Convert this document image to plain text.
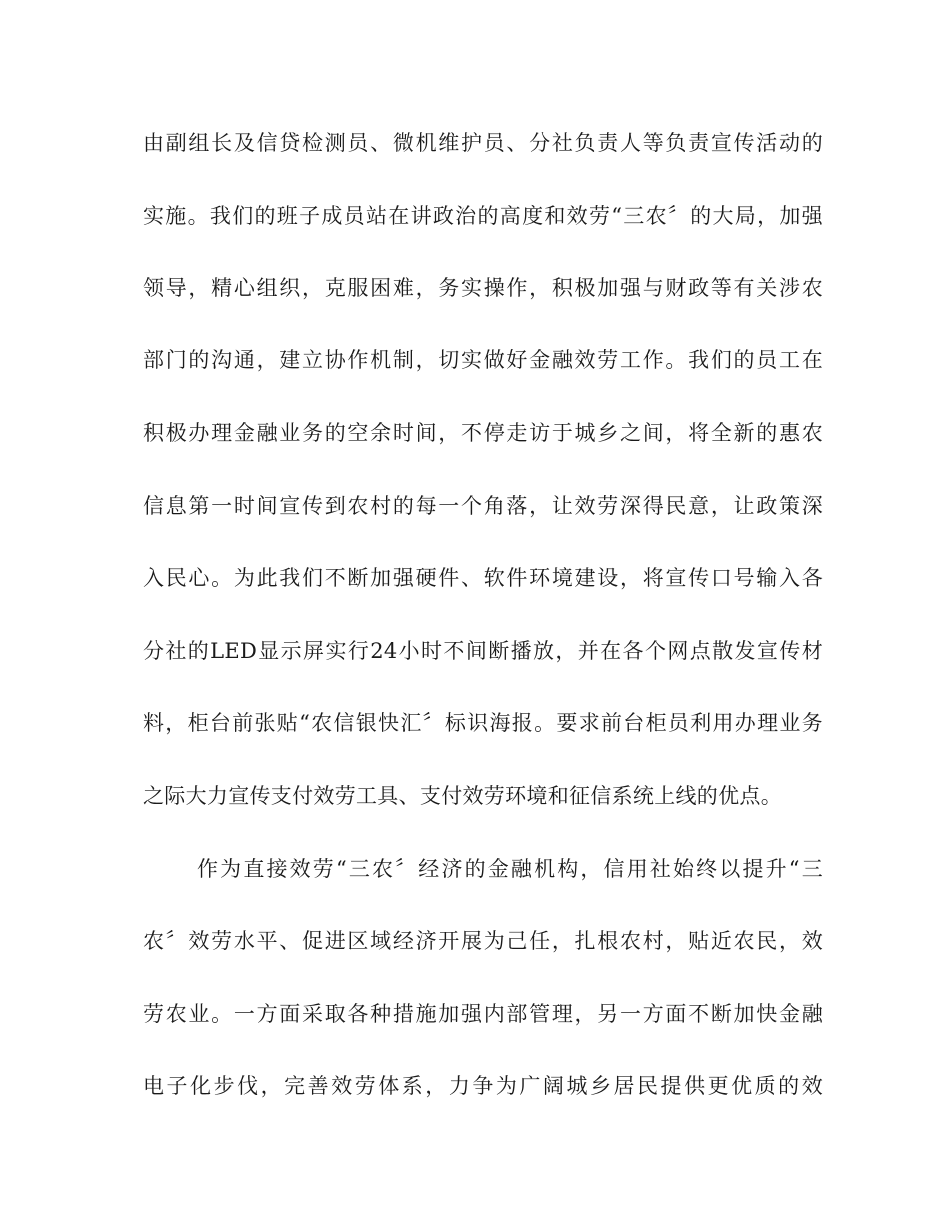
由副组长及信贷检测员、微机维护员、分社负责人等负责宣传活动的

实施。我们的班子成员站在讲政治的高度和效劳“三农〞的大局，加强

领导，精心组织，克服困难，务实操作，积极加强与财政等有关涉农

部门的沟通，建立协作机制，切实做好金融效劳工作。我们的员工在

积极办理金融业务的空余时间，不停走访于城乡之间，将全新的惠农

信息第一时间宣传到农村的每一个角落，让效劳深得民意，让政策深

入民心。为此我们不断加强硬件、软件环境建设，将宣传口号输入各

分社的LED显示屏实行24小时不间断播放，并在各个网点散发宣传材

料，柜台前张贴“农信银快汇〞标识海报。要求前台柜员利用办理业务

之际大力宣传支付效劳工具、支付效劳环境和征信系统上线的优点。

作为直接效劳“三农〞经济的金融机构，信用社始终以提升“三

农〞效劳水平、促进区域经济开展为己任，扎根农村，贴近农民，效

劳农业。一方面采取各种措施加强内部管理，另一方面不断加快金融

电子化步伐，完善效劳体系，力争为广阔城乡居民提供更优质的效
